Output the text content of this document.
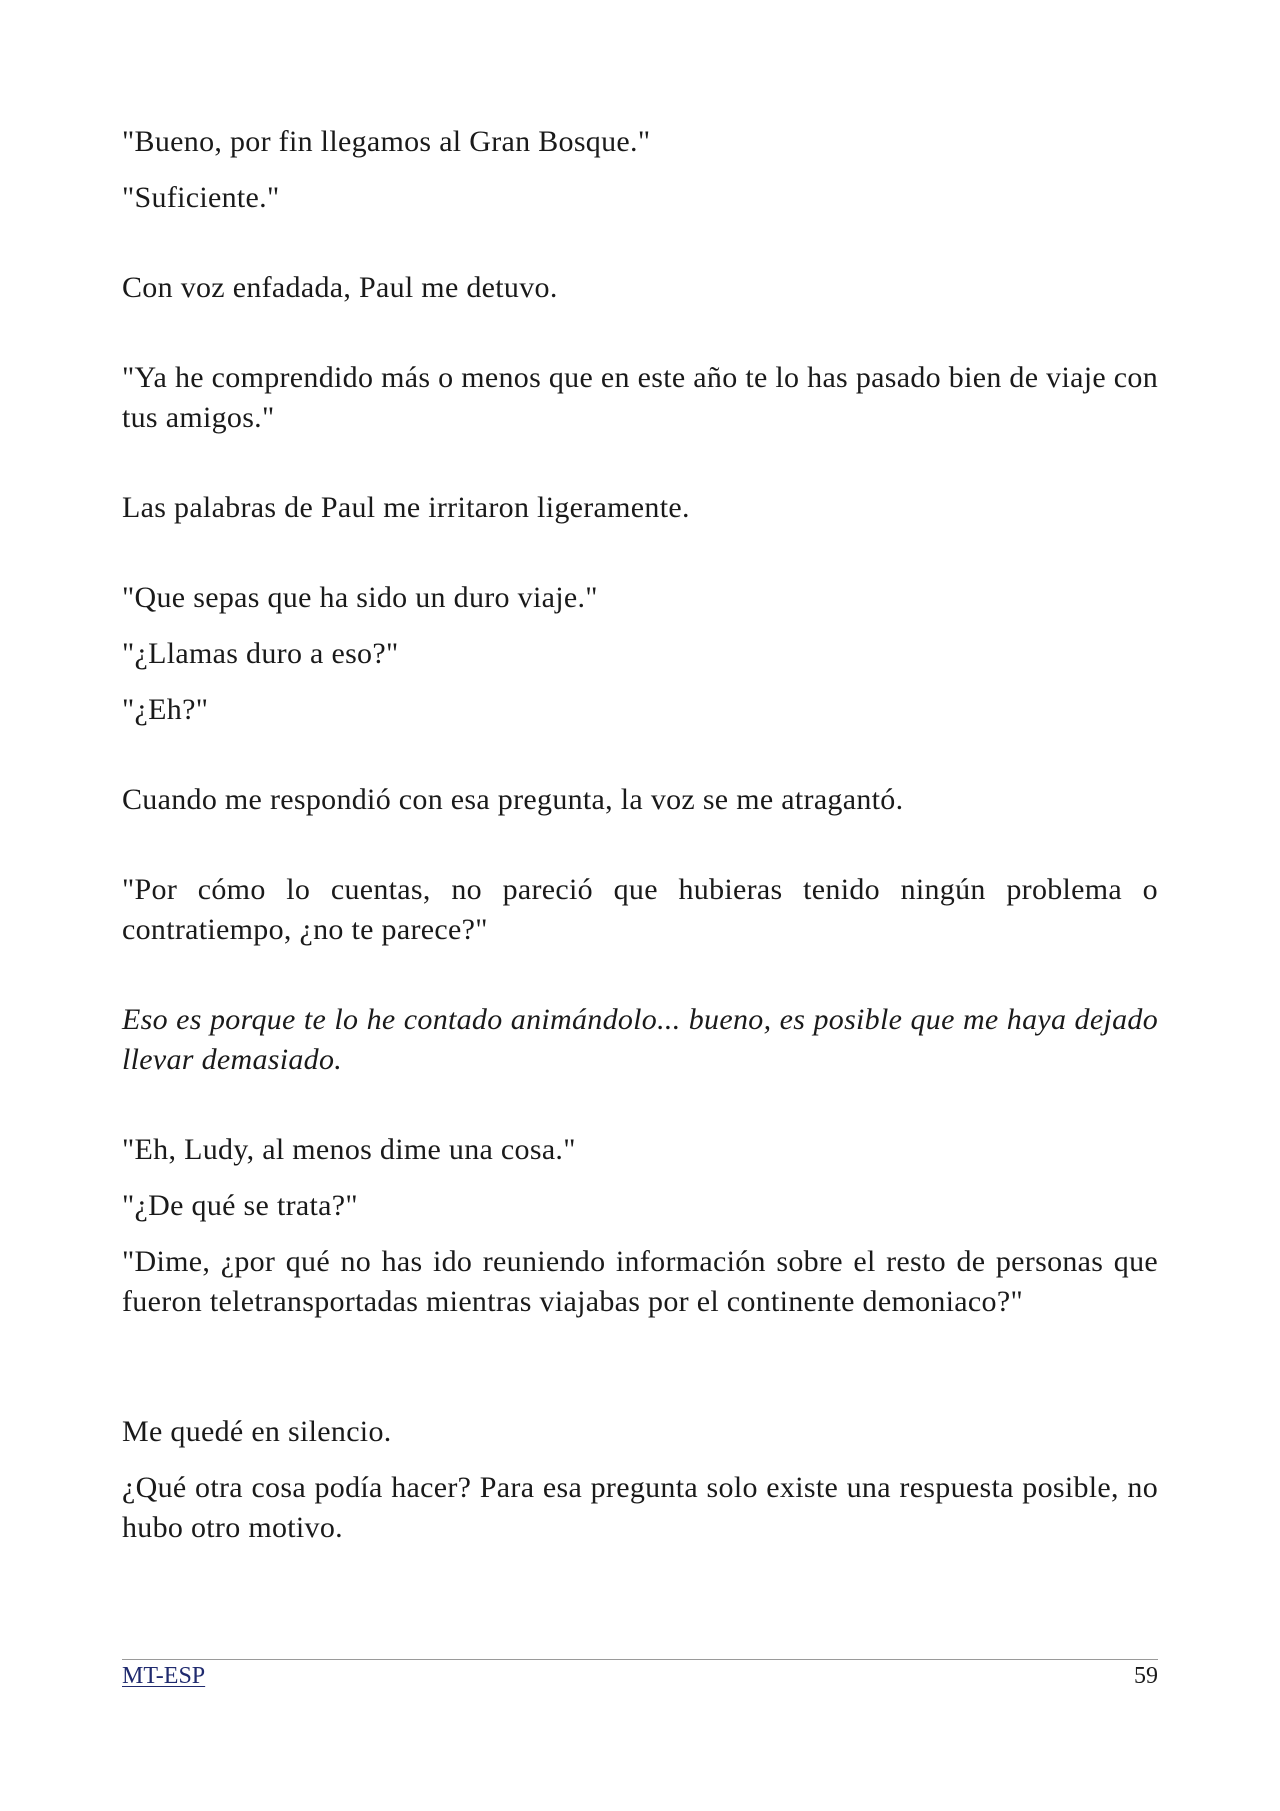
"Bueno, por fin llegamos al Gran Bosque."

"Suficiente."

Con voz enfadada, Paul me detuvo.

"Ya he comprendido más o menos que en este año te lo has pasado bien de viaje con tus amigos."

Las palabras de Paul me irritaron ligeramente.

"Que sepas que ha sido un duro viaje."

"¿Llamas duro a eso?"

"¿Eh?"

Cuando me respondió con esa pregunta, la voz se me atragantó.

"Por cómo lo cuentas, no pareció que hubieras tenido ningún problema o contratiempo, ¿no te parece?"

Eso es porque te lo he contado animándolo... bueno, es posible que me haya dejado llevar demasiado.

"Eh, Ludy, al menos dime una cosa."

"¿De qué se trata?"

"Dime, ¿por qué no has ido reuniendo información sobre el resto de personas que fueron teletransportadas mientras viajabas por el continente demoniaco?"

Me quedé en silencio.

¿Qué otra cosa podía hacer? Para esa pregunta solo existe una respuesta posible, no hubo otro motivo.

MT-ESP	59
